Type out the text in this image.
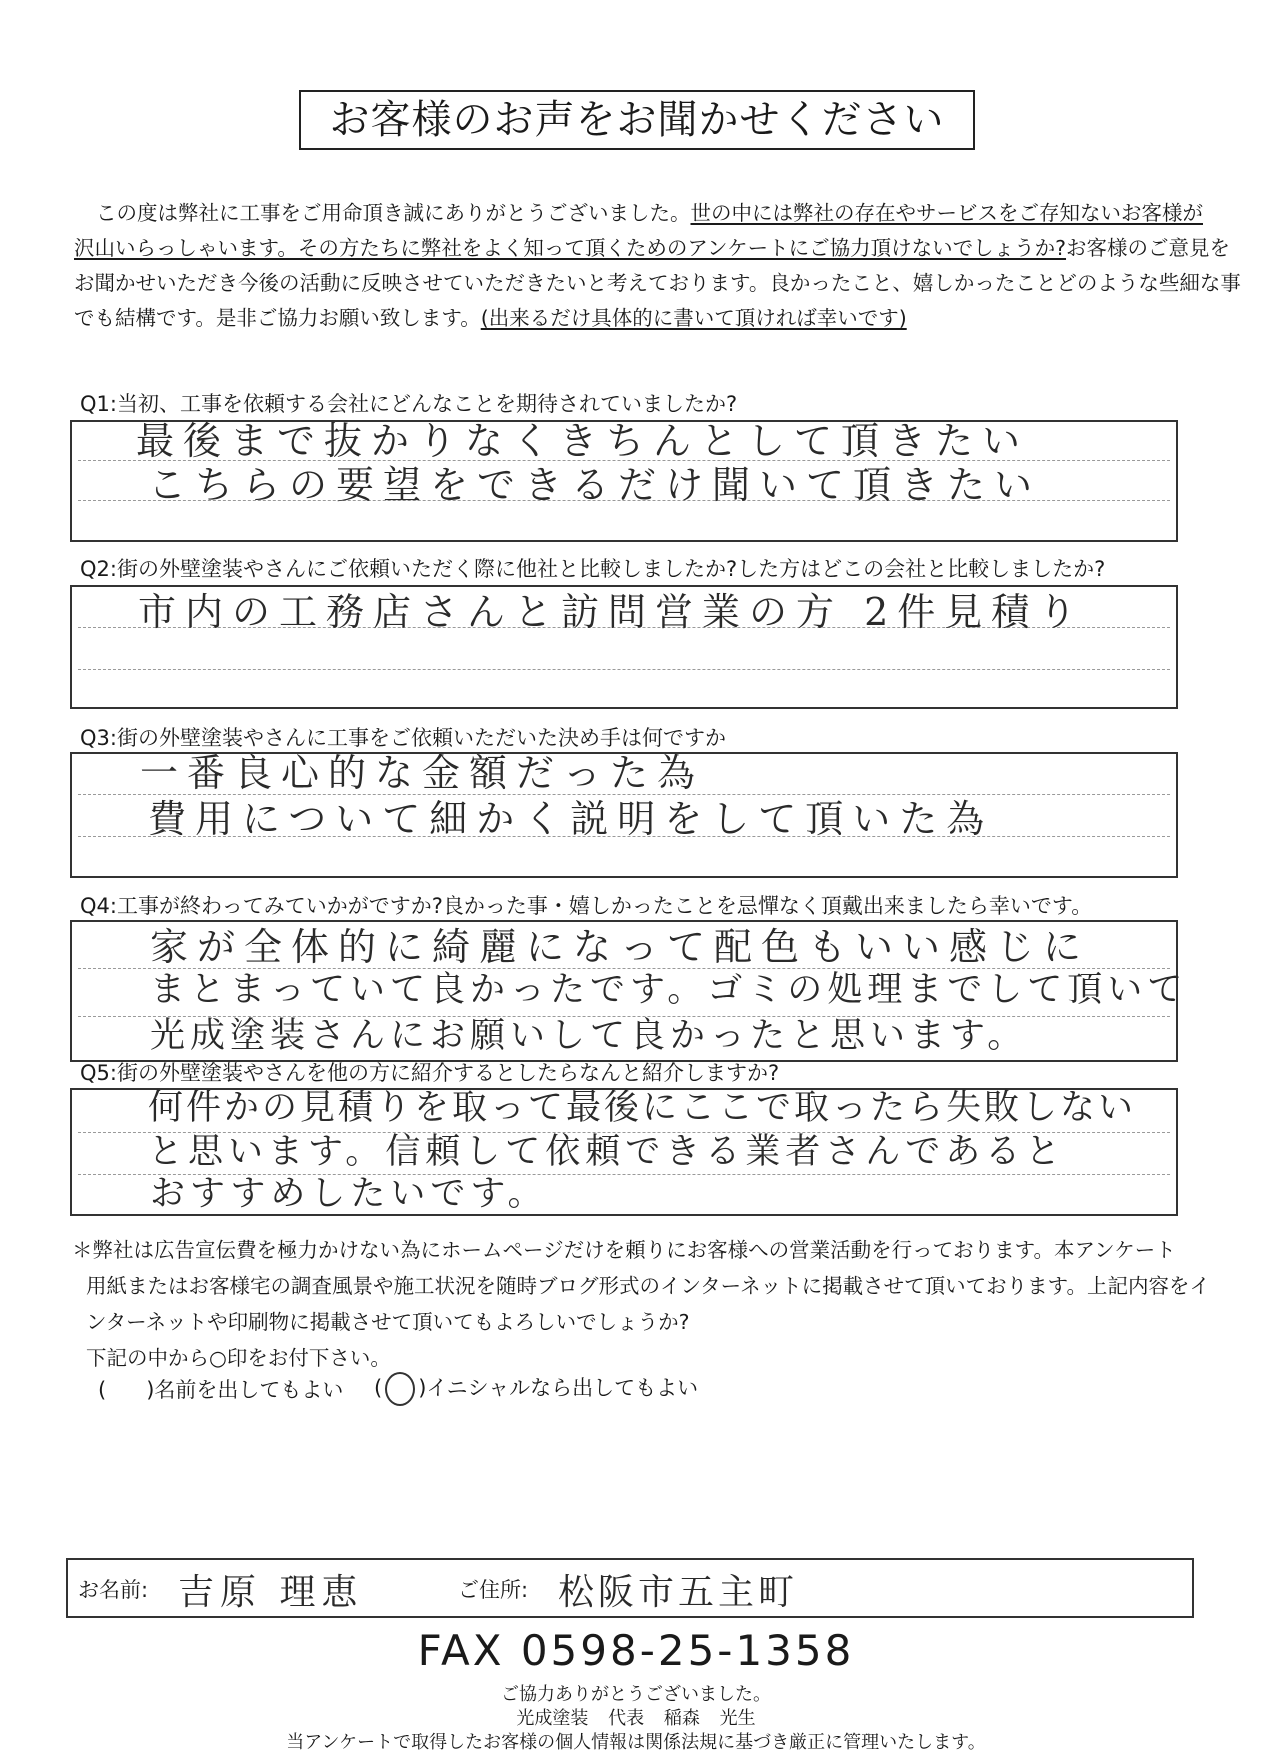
お客様のお声をお聞かせください

この度は弊社に工事をご用命頂き誠にありがとうございました。世の中には弊社の存在やサービスをご存知ないお客様が

沢山いらっしゃいます。その方たちに弊社をよく知って頂くためのアンケートにご協力頂けないでしょうか?お客様のご意見を

お聞かせいただき今後の活動に反映させていただきたいと考えております。良かったこと、嬉しかったことどのような些細な事

でも結構です。是非ご協力お願い致します。(出来るだけ具体的に書いて頂ければ幸いです)

Q1:当初、工事を依頼する会社にどんなことを期待されていましたか?
最後まで抜かりなくきちんとして頂きたい
こちらの要望をできるだけ聞いて頂きたい
Q2:街の外壁塗装やさんにご依頼いただく際に他社と比較しましたか?した方はどこの会社と比較しましたか?
市内の工務店さんと訪問営業の方 2件見積り
Q3:街の外壁塗装やさんに工事をご依頼いただいた決め手は何ですか
一番良心的な金額だった為
費用について細かく説明をして頂いた為
Q4:工事が終わってみていかがですか?良かった事・嬉しかったことを忌憚なく頂戴出来ましたら幸いです。
家が全体的に綺麗になって配色もいい感じに
まとまっていて良かったです。ゴミの処理までして頂いて
光成塗装さんにお願いして良かったと思います。
Q5:街の外壁塗装やさんを他の方に紹介するとしたらなんと紹介しますか?
何件かの見積りを取って最後にここで取ったら失敗しない
と思います。信頼して依頼できる業者さんであると
おすすめしたいです。

＊弊社は広告宣伝費を極力かけない為にホームページだけを頼りにお客様への営業活動を行っております。本アンケート

用紙またはお客様宅の調査風景や施工状況を随時ブログ形式のインターネットに掲載させて頂いております。上記内容をイ

ンターネットや印刷物に掲載させて頂いてもよろしいでしょうか?

下記の中から○印をお付下さい。

( )名前を出してもよい ( )イニシャルなら出してもよい
お名前: 吉原 理恵	ご住所: 松阪市五主町
FAX 0598-25-1358
ご協力ありがとうございました。
光成塗装 代表 稲森 光生
当アンケートで取得したお客様の個人情報は関係法規に基づき厳正に管理いたします。
